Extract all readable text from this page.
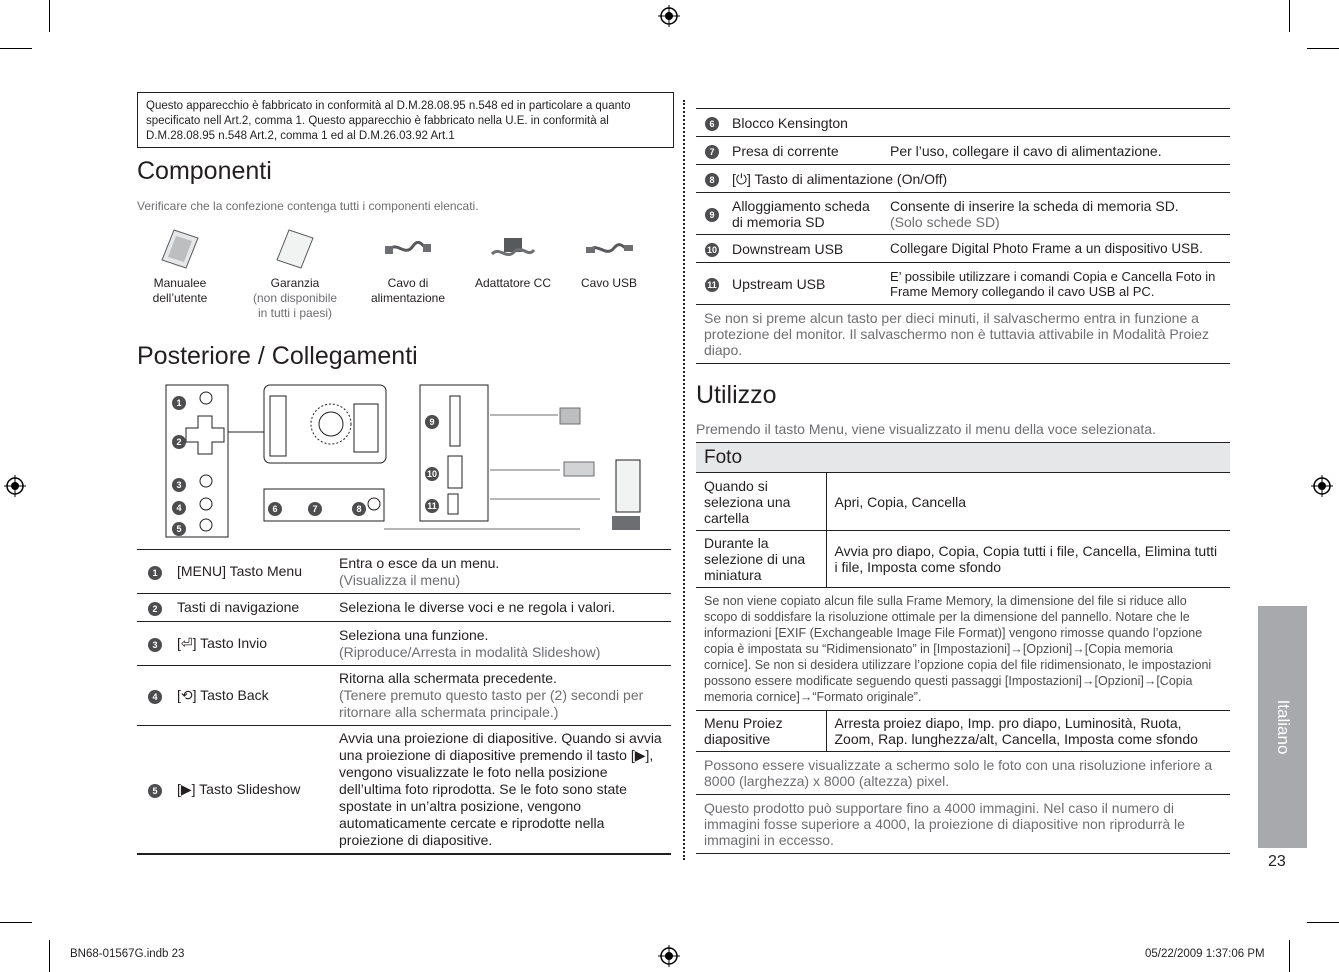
Questo apparecchio è fabbricato in conformità al D.M.28.08.95 n.548 ed in particolare a quanto specificato nell Art.2, comma 1. Questo apparecchio è fabbricato nella U.E. in conformità al D.M.28.08.95 n.548 Art.2, comma 1 ed al D.M.26.03.92 Art.1
Componenti
Verificare che la confezione contenga tutti i componenti elencati.
Manualee dell’utente
Garanzia
(non disponibile in tutti i paesi)
Cavo di alimentazione
Adattatore CC	Cavo USB
Posteriore / Collegamenti
1
2
3
4
5
6	7	8
9
10
11
1	[MENU] Tasto Menu	Entra o esce da un menu.
(Visualizza il menu)
2	Tasti di navigazione	Seleziona le diverse voci e ne regola i valori.
3	[⏎] Tasto Invio	Seleziona una funzione.
(Riproduce/Arresta in modalità Slideshow)
4	[⟲] Tasto Back	Ritorna alla schermata precedente.
(Tenere premuto questo tasto per (2) secondi per ritornare alla schermata principale.)
5	[▶] Tasto Slideshow	Avvia una proiezione di diapositive. Quando si avvia una proiezione di diapositive premendo il tasto [▶], vengono visualizzate le foto nella posizione dell’ultima foto riprodotta. Se le foto sono state spostate in un’altra posizione, vengono automaticamente cercate e riprodotte nella proiezione di diapositive.
6	Blocco Kensington	
7	Presa di corrente	Per l’uso, collegare il cavo di alimentazione.
8	[⏻] Tasto di alimentazione (On/Off)	
9	Alloggiamento scheda di memoria SD	Consente di inserire la scheda di memoria SD.
(Solo schede SD)
10	Downstream USB	Collegare Digital Photo Frame a un dispositivo USB.
11	Upstream USB	E’ possibile utilizzare i comandi Copia e Cancella Foto in Frame Memory collegando il cavo USB al PC.
Se non si preme alcun tasto per dieci minuti, il salvaschermo entra in funzione a protezione del monitor. Il salvaschermo non è tuttavia attivabile in Modalità Proiez diapo.		
Utilizzo
Premendo il tasto Menu, viene visualizzato il menu della voce selezionata.
Foto	
Quando si seleziona una cartella	Apri, Copia, Cancella
Durante la selezione di una miniatura	Avvia pro diapo, Copia, Copia tutti i file, Cancella, Elimina tutti i file, Imposta come sfondo
Se non viene copiato alcun file sulla Frame Memory, la dimensione del file si riduce allo scopo di soddisfare la risoluzione ottimale per la dimensione del pannello. Notare che le informazioni [EXIF (Exchangeable Image File Format)] vengono rimosse quando l’opzione copia è impostata su “Ridimensionato” in [Impostazioni]→[Opzioni]→[Copia memoria cornice]. Se non si desidera utilizzare l’opzione copia del file ridimensionato, le impostazioni possono essere modificate seguendo questi passaggi [Impostazioni]→[Opzioni]→[Copia memoria cornice]→“Formato originale”.	
Menu Proiez diapositive	Arresta proiez diapo, Imp. pro diapo, Luminosità, Ruota, Zoom, Rap. lunghezza/alt, Cancella, Imposta come sfondo
Possono essere visualizzate a schermo solo le foto con una risoluzione inferiore a 8000 (larghezza) x 8000 (altezza) pixel.	
Questo prodotto può supportare fino a 4000 immagini. Nel caso il numero di immagini fosse superiore a 4000, la proiezione di diapositive non riprodurrà le immagini in eccesso.	
Italiano
23
BN68-01567G.indb 23	05/22/2009 1:37:06 PM
